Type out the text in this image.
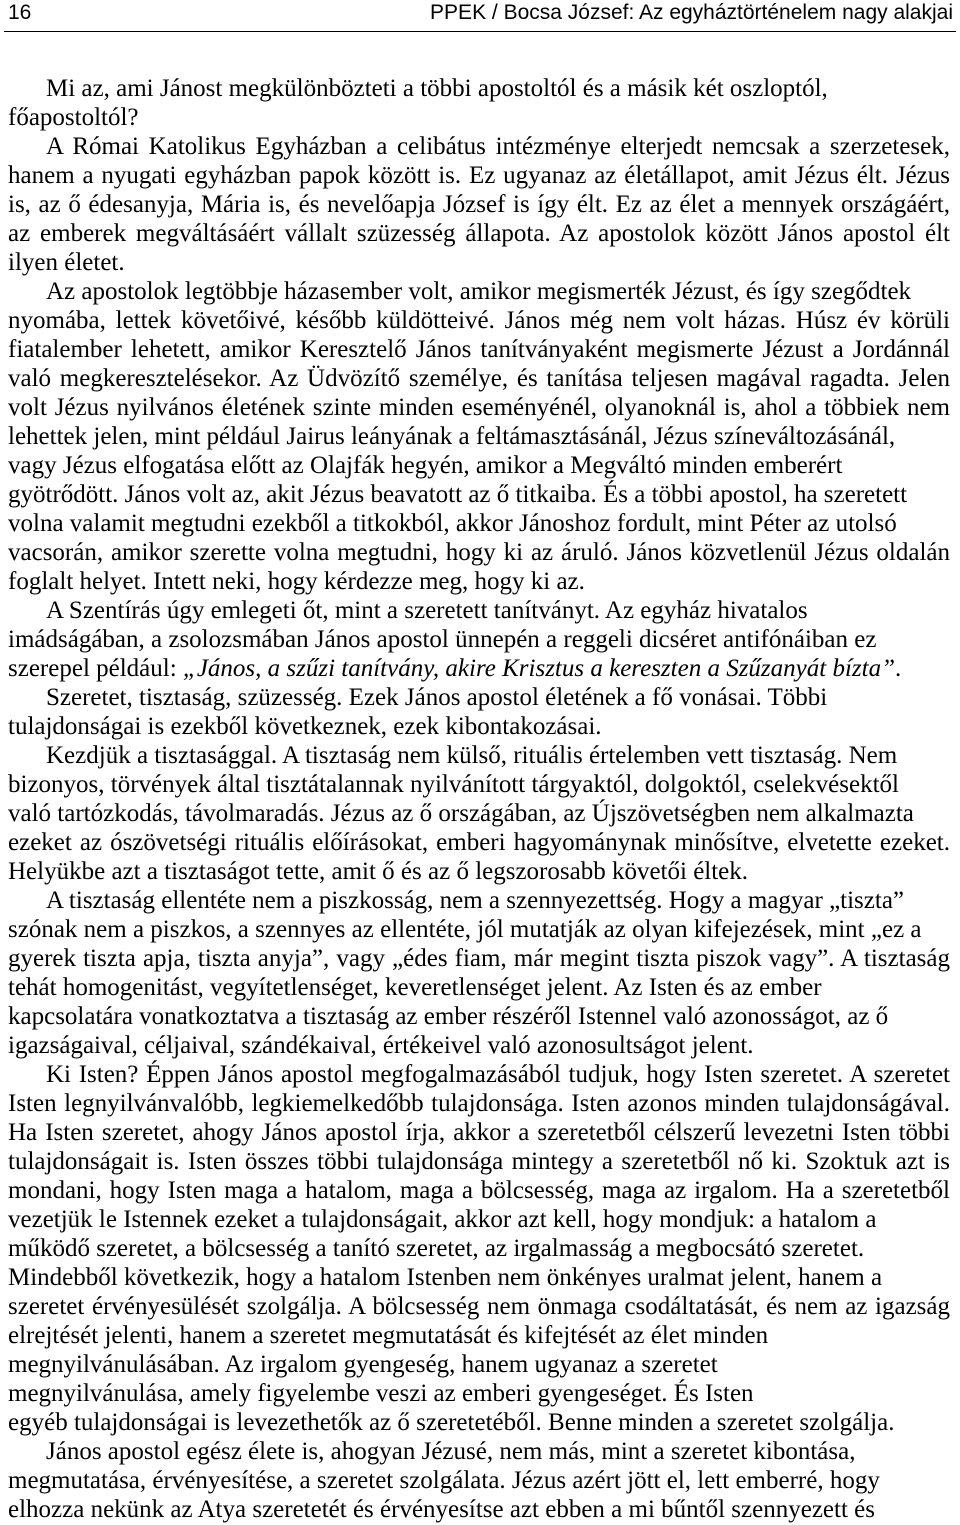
16	PPEK / Bocsa József: Az egyháztörténelem nagy alakjai
Mi az, ami Jánost megkülönbözteti a többi apostoltól és a másik két oszloptól,
főapostoltól?
A Római Katolikus Egyházban a celibátus intézménye elterjedt nemcsak a szerzetesek,
hanem a nyugati egyházban papok között is. Ez ugyanaz az életállapot, amit Jézus élt. Jézus
is, az ő édesanyja, Mária is, és nevelőapja József is így élt. Ez az élet a mennyek országáért,
az emberek megváltásáért vállalt szüzesség állapota. Az apostolok között János apostol élt
ilyen életet.
Az apostolok legtöbbje házasember volt, amikor megismerték Jézust, és így szegődtek
nyomába, lettek követőivé, később küldötteivé. János még nem volt házas. Húsz év körüli
fiatalember lehetett, amikor Keresztelő János tanítványaként megismerte Jézust a Jordánnál
való megkeresztelésekor. Az Üdvözítő személye, és tanítása teljesen magával ragadta. Jelen
volt Jézus nyilvános életének szinte minden eseményénél, olyanoknál is, ahol a többiek nem
lehettek jelen, mint például Jairus leányának a feltámasztásánál, Jézus színeváltozásánál,
vagy Jézus elfogatása előtt az Olajfák hegyén, amikor a Megváltó minden emberért
gyötrődött. János volt az, akit Jézus beavatott az ő titkaiba. És a többi apostol, ha szeretett
volna valamit megtudni ezekből a titkokból, akkor Jánoshoz fordult, mint Péter az utolsó
vacsorán, amikor szerette volna megtudni, hogy ki az áruló. János közvetlenül Jézus oldalán
foglalt helyet. Intett neki, hogy kérdezze meg, hogy ki az.
A Szentírás úgy emlegeti őt, mint a szeretett tanítványt. Az egyház hivatalos
imádságában, a zsolozsmában János apostol ünnepén a reggeli dicséret antifónáiban ez
szerepel például: „János, a szűzi tanítvány, akire Krisztus a kereszten a Szűzanyát bízta”.
Szeretet, tisztaság, szüzesség. Ezek János apostol életének a fő vonásai. Többi
tulajdonságai is ezekből következnek, ezek kibontakozásai.
Kezdjük a tisztasággal. A tisztaság nem külső, rituális értelemben vett tisztaság. Nem
bizonyos, törvények által tisztátalannak nyilvánított tárgyaktól, dolgoktól, cselekvésektől
való tartózkodás, távolmaradás. Jézus az ő országában, az Újszövetségben nem alkalmazta
ezeket az ószövetségi rituális előírásokat, emberi hagyománynak minősítve, elvetette ezeket.
Helyükbe azt a tisztaságot tette, amit ő és az ő legszorosabb követői éltek.
A tisztaság ellentéte nem a piszkosság, nem a szennyezettség. Hogy a magyar „tiszta”
szónak nem a piszkos, a szennyes az ellentéte, jól mutatják az olyan kifejezések, mint „ez a
gyerek tiszta apja, tiszta anyja”, vagy „édes fiam, már megint tiszta piszok vagy”. A tisztaság
tehát homogenitást, vegyítetlenséget, keveretlenséget jelent. Az Isten és az ember
kapcsolatára vonatkoztatva a tisztaság az ember részéről Istennel való azonosságot, az ő
igazságaival, céljaival, szándékaival, értékeivel való azonosultságot jelent.
Ki Isten? Éppen János apostol megfogalmazásából tudjuk, hogy Isten szeretet. A szeretet
Isten legnyilvánvalóbb, legkiemelkedőbb tulajdonsága. Isten azonos minden tulajdonságával.
Ha Isten szeretet, ahogy János apostol írja, akkor a szeretetből célszerű levezetni Isten többi
tulajdonságait is. Isten összes többi tulajdonsága mintegy a szeretetből nő ki. Szoktuk azt is
mondani, hogy Isten maga a hatalom, maga a bölcsesség, maga az irgalom. Ha a szeretetből
vezetjük le Istennek ezeket a tulajdonságait, akkor azt kell, hogy mondjuk: a hatalom a
működő szeretet, a bölcsesség a tanító szeretet, az irgalmasság a megbocsátó szeretet.
Mindebből következik, hogy a hatalom Istenben nem önkényes uralmat jelent, hanem a
szeretet érvényesülését szolgálja. A bölcsesség nem önmaga csodáltatását, és nem az igazság
elrejtését jelenti, hanem a szeretet megmutatását és kifejtését az élet minden
megnyilvánulásában. Az irgalom gyengeség, hanem ugyanaz a szeretet
megnyilvánulása, amely figyelembe veszi az emberi gyengeséget. És Isten
egyéb tulajdonságai is levezethetők az ő szeretetéből. Benne minden a szeretet szolgálja.
János apostol egész élete is, ahogyan Jézusé, nem más, mint a szeretet kibontása,
megmutatása, érvényesítése, a szeretet szolgálata. Jézus azért jött el, lett emberré, hogy
elhozza nekünk az Atya szeretetét és érvényesítse azt ebben a mi bűntől szennyezett és
